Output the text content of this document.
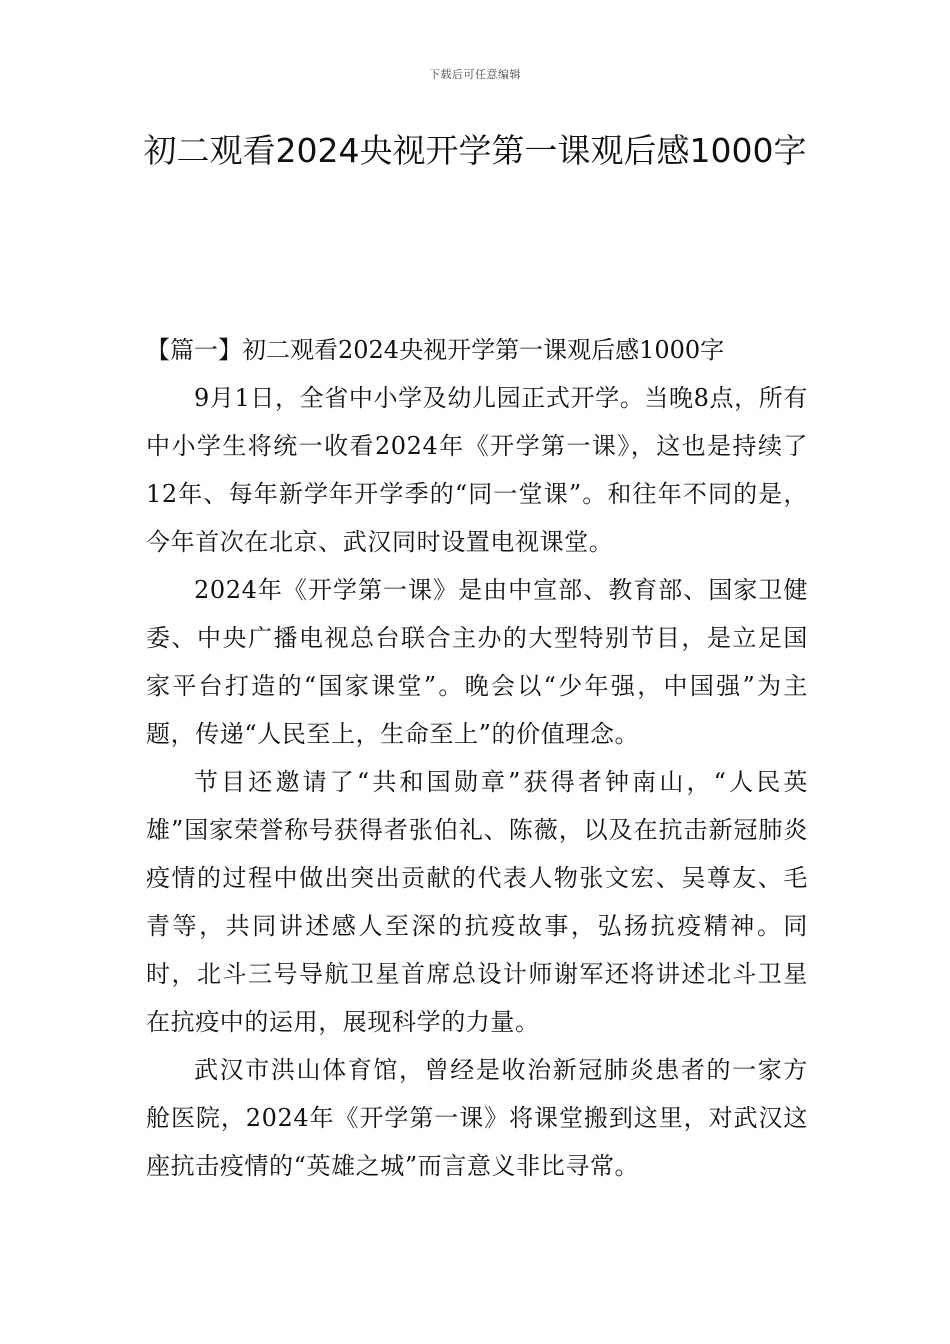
下载后可任意编辑
初二观看2024央视开学第一课观后感1000字

【篇一】初二观看2024央视开学第一课观后感1000字

9月1日，全省中小学及幼儿园正式开学。当晚8点，所有中小学生将统一收看2024年《开学第一课》，这也是持续了12年、每年新学年开学季的“同一堂课”。和往年不同的是，今年首次在北京、武汉同时设置电视课堂。

2024年《开学第一课》是由中宣部、教育部、国家卫健委、中央广播电视总台联合主办的大型特别节目，是立足国家平台打造的“国家课堂”。晚会以“少年强，中国强”为主题，传递“人民至上，生命至上”的价值理念。

节目还邀请了“共和国勋章”获得者钟南山，“人民英雄”国家荣誉称号获得者张伯礼、陈薇，以及在抗击新冠肺炎疫情的过程中做出突出贡献的代表人物张文宏、吴尊友、毛青等，共同讲述感人至深的抗疫故事，弘扬抗疫精神。同时，北斗三号导航卫星首席总设计师谢军还将讲述北斗卫星在抗疫中的运用，展现科学的力量。

武汉市洪山体育馆，曾经是收治新冠肺炎患者的一家方舱医院，2024年《开学第一课》将课堂搬到这里，对武汉这座抗击疫情的“英雄之城”而言意义非比寻常。
